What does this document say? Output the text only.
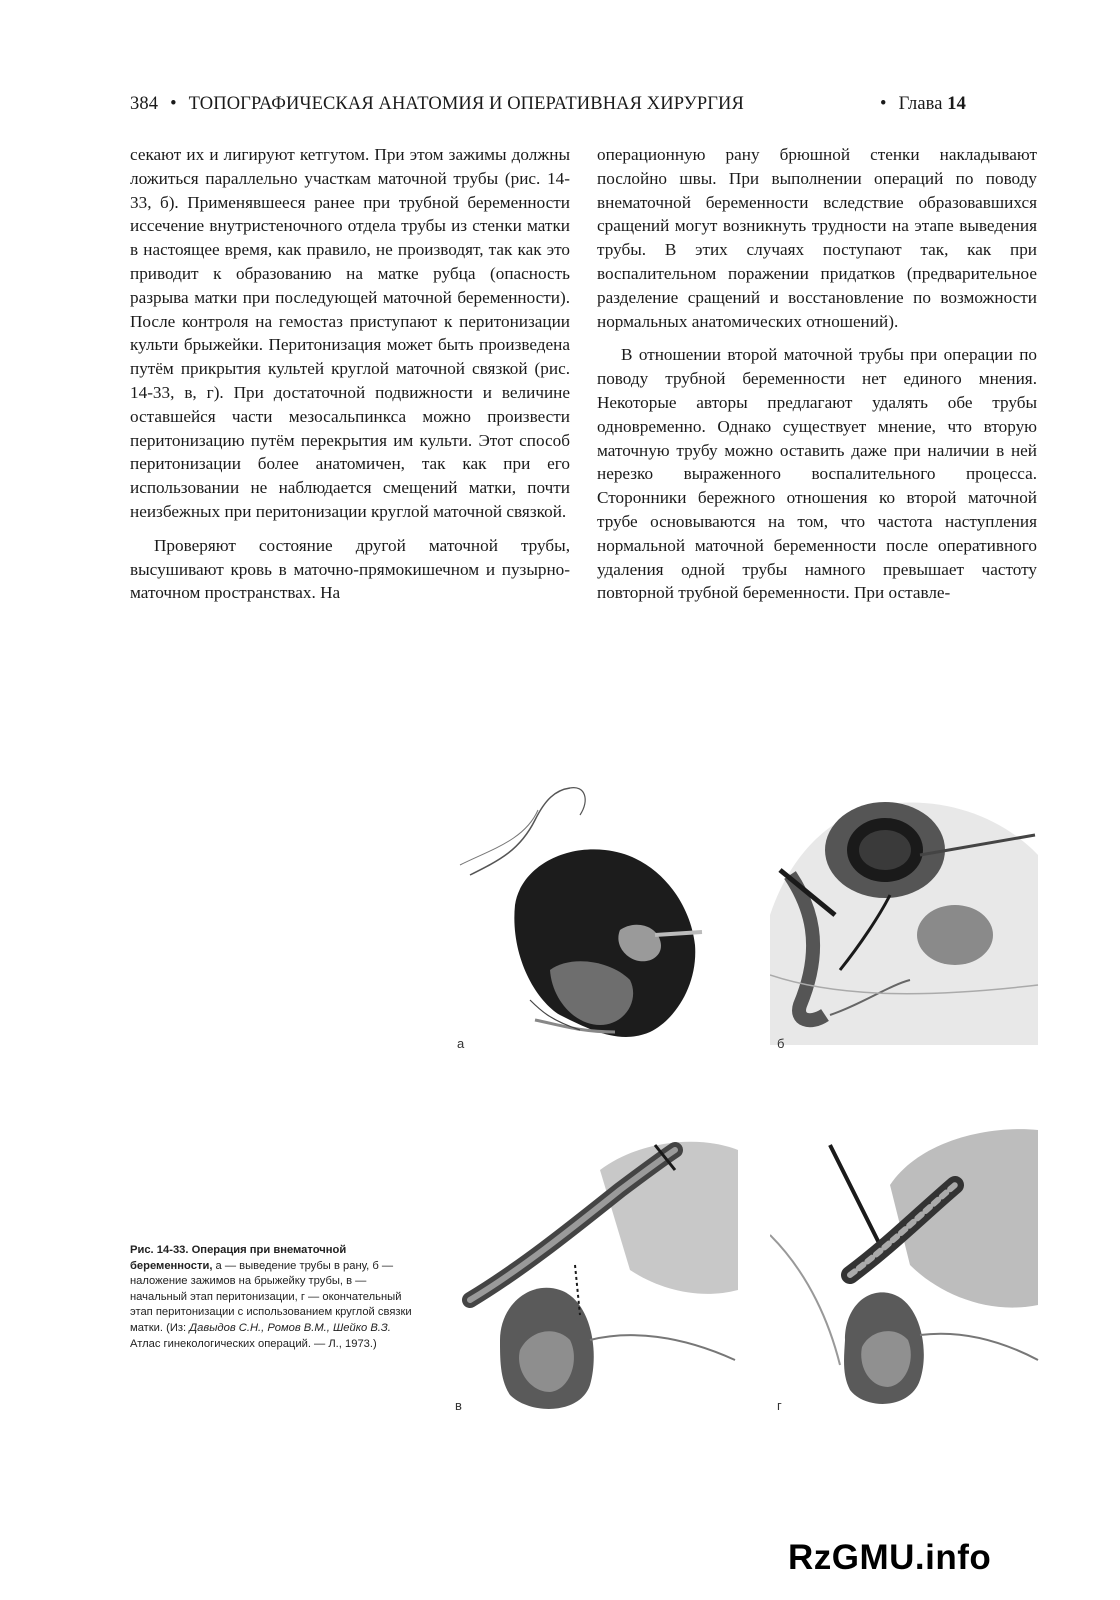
384 • ТОПОГРАФИЧЕСКАЯ АНАТОМИЯ И ОПЕРАТИВНАЯ ХИРУРГИЯ	• Глава 14

секают их и лигируют кетгутом. При этом зажимы должны ложиться параллельно участкам маточной трубы (рис. 14-33, б). Применявшееся ранее при трубной беременности иссечение внутристеночного отдела трубы из стенки матки в настоящее время, как правило, не производят, так как это приводит к образованию на матке рубца (опасность разрыва матки при последующей маточной беременности). После контроля на гемостаз приступают к перитонизации культи брыжейки. Перитонизация может быть произведена путём прикрытия культей круглой маточной связкой (рис. 14-33, в, г). При достаточной подвижности и величине оставшейся части мезосальпинкса можно произвести перитонизацию путём перекрытия им культи. Этот способ перитонизации более анатомичен, так как при его использовании не наблюдается смещений матки, почти неизбежных при перитонизации круглой маточной связкой.

Проверяют состояние другой маточной трубы, высушивают кровь в маточно-прямокишечном и пузырно-маточном пространствах. На

операционную рану брюшной стенки накладывают послойно швы. При выполнении операций по поводу внематочной беременности вследствие образовавшихся сращений могут возникнуть трудности на этапе выведения трубы. В этих случаях поступают так, как при воспалительном поражении придатков (предварительное разделение сращений и восстановление по возможности нормальных анатомических отношений).

В отношении второй маточной трубы при операции по поводу трубной беременности нет единого мнения. Некоторые авторы предлагают удалять обе трубы одновременно. Однако существует мнение, что вторую маточную трубу можно оставить даже при наличии в ней нерезко выраженного воспалительного процесса. Сторонники бережного отношения ко второй маточной трубе основываются на том, что частота наступления нормальной маточной беременности после оперативного удаления одной трубы намного превышает частоту повторной трубной беременности. При оставле-

а	б
в	г
Рис. 14-33. Операция при внематочной беременности, а — выведение трубы в рану, б — наложение зажимов на брыжейку трубы, в — начальный этап перитонизации, г — окончательный этап перитонизации с использованием круглой связки матки. (Из: Давыдов С.Н., Ромов В.М., Шейко В.З. Атлас гинекологических операций. — Л., 1973.)
RzGMU.info
